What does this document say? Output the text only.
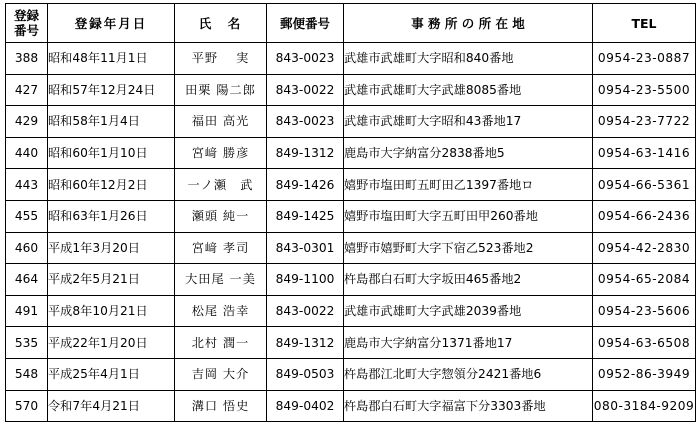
登録
番号	登録年月日	氏　名	郵便番号	事 務 所 の 所 在 地	TEL
388	昭和48年11月1日	平野　 実	843-0023	武雄市武雄町大字昭和840番地	0954-23-0887
427	昭和57年12月24日	田栗 陽二郎	843-0022	武雄市武雄町大字武雄8085番地	0954-23-5500
429	昭和58年1月4日	福田 高光	843-0023	武雄市武雄町大字昭和43番地17	0954-23-7722
440	昭和60年1月10日	宮﨑 勝彦	849-1312	鹿島市大字納富分2838番地5	0954-63-1416
443	昭和60年12月2日	一ノ瀬　武	849-1426	嬉野市塩田町五町田乙1397番地ロ	0954-66-5361
455	昭和63年1月26日	瀬頭 純一	849-1425	嬉野市塩田町大字五町田甲260番地	0954-66-2436
460	平成1年3月20日	宮﨑 孝司	843-0301	嬉野市嬉野町大字下宿乙523番地2	0954-42-2830
464	平成2年5月21日	大田尾 一美	849-1100	杵島郡白石町大字坂田465番地2	0954-65-2084
491	平成8年10月21日	松尾 浩幸	843-0022	武雄市武雄町大字武雄2039番地	0954-23-5606
535	平成22年1月20日	北村 潤一	849-1312	鹿島市大字納富分1371番地17	0954-63-6508
548	平成25年4月1日	吉岡 大介	849-0503	杵島郡江北町大字惣領分2421番地6	0952-86-3949
570	令和7年4月21日	溝口 悟史	849-0402	杵島郡白石町大字福富下分3303番地	080-3184-9209
